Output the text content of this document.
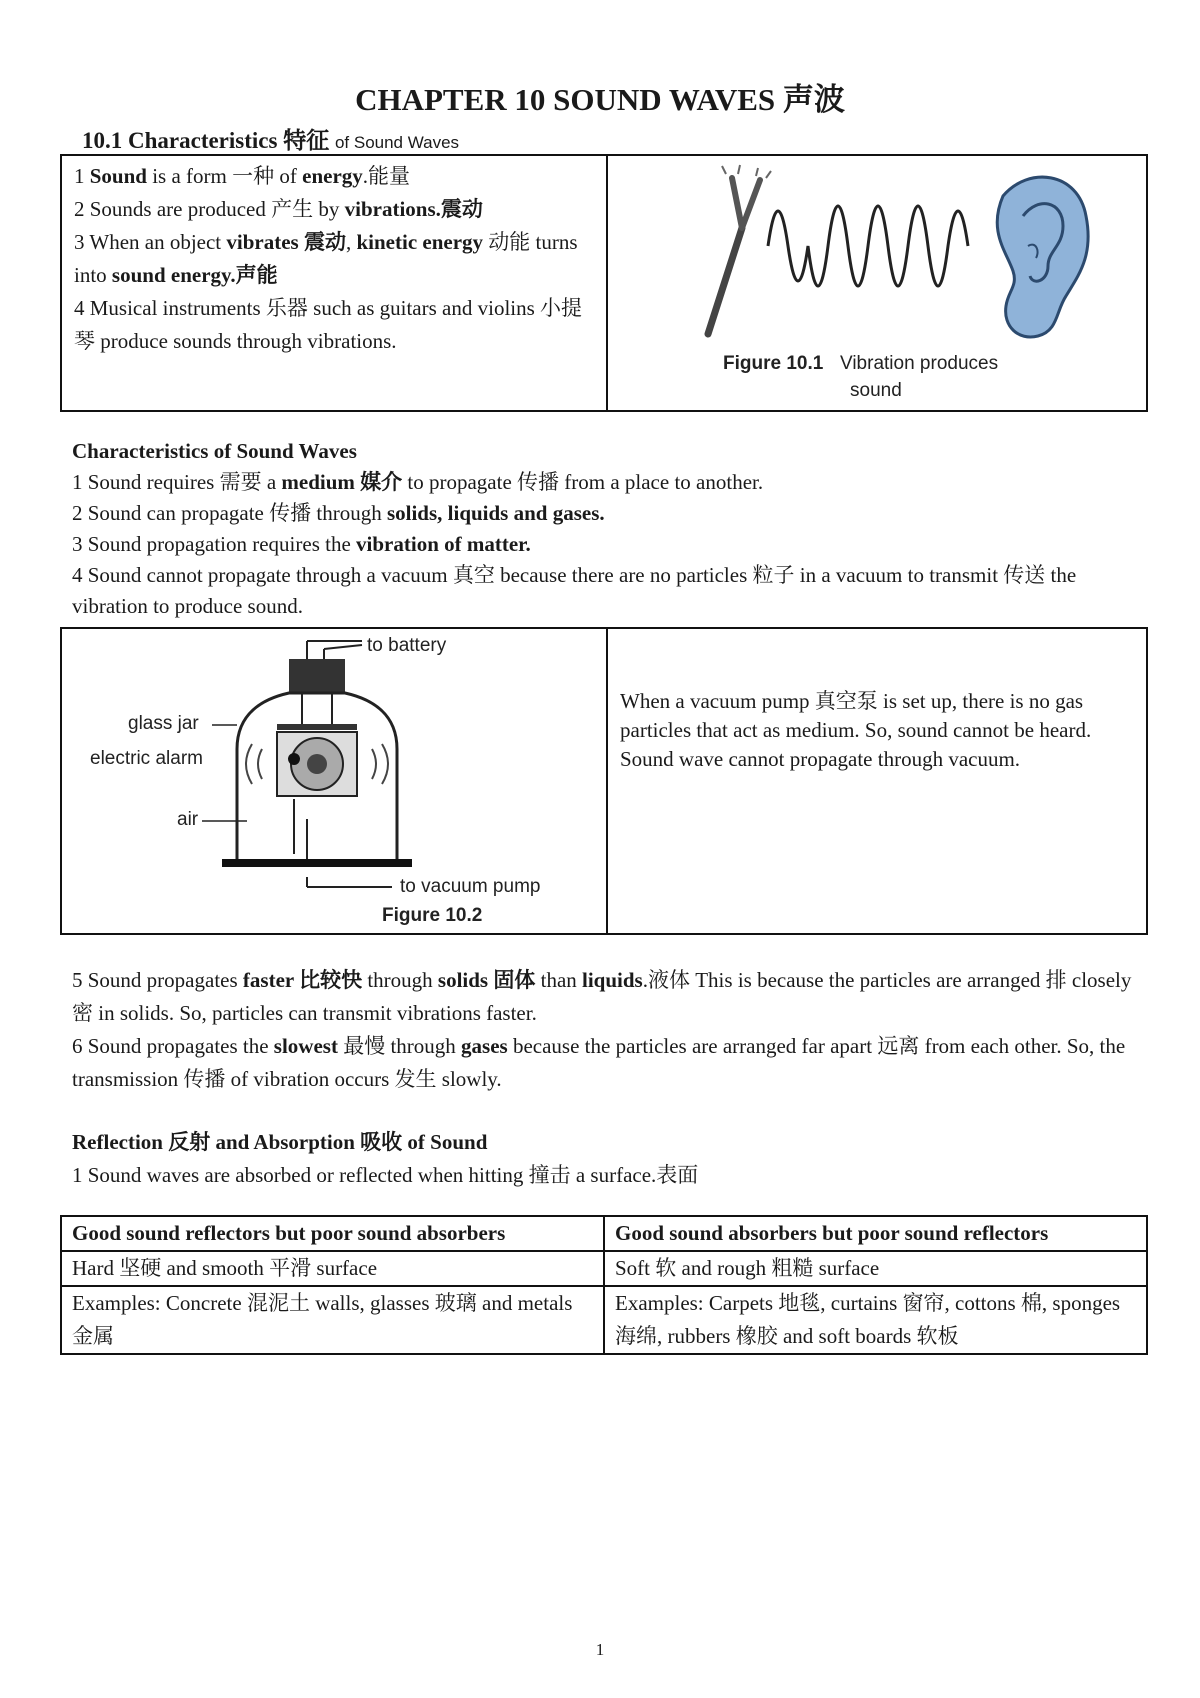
CHAPTER 10 SOUND WAVES 声波
10.1 Characteristics 特征 of Sound Waves

1 Sound is a form 一种 of energy.能量

2 Sounds are produced 产生 by vibrations.震动

3 When an object vibrates 震动, kinetic energy 动能 turns into sound energy.声能

4 Musical instruments 乐器 such as guitars and violins 小提琴 produce sounds through vibrations.

Figure 10.1 Vibration produces
sound

Characteristics of Sound Waves

1 Sound requires 需要 a medium 媒介 to propagate 传播 from a place to another.

2 Sound can propagate 传播 through solids, liquids and gases.

3 Sound propagation requires the vibration of matter.

4 Sound cannot propagate through a vacuum 真空 because there are no particles 粒子 in a vacuum to transmit 传送 the vibration to produce sound.

to battery
glass jar
electric alarm
air
to vacuum pump
Figure 10.2

When a vacuum pump 真空泵 is set up, there is no gas particles that act as medium. So, sound cannot be heard. Sound wave cannot propagate through vacuum.

5 Sound propagates faster 比较快 through solids 固体 than liquids.液体 This is because the particles are arranged 排 closely 密 in solids. So, particles can transmit vibrations faster.

6 Sound propagates the slowest 最慢 through gases because the particles are arranged far apart 远离 from each other. So, the transmission 传播 of vibration occurs 发生 slowly.

Reflection 反射 and Absorption 吸收 of Sound

1 Sound waves are absorbed or reflected when hitting 撞击 a surface.表面

Good sound reflectors but poor sound absorbers	Good sound absorbers but poor sound reflectors
Hard 坚硬 and smooth 平滑 surface	Soft 软 and rough 粗糙 surface
Examples: Concrete 混泥土 walls, glasses 玻璃 and metals 金属	Examples: Carpets 地毯, curtains 窗帘, cottons 棉, sponges 海绵, rubbers 橡胶 and soft boards 软板
1
